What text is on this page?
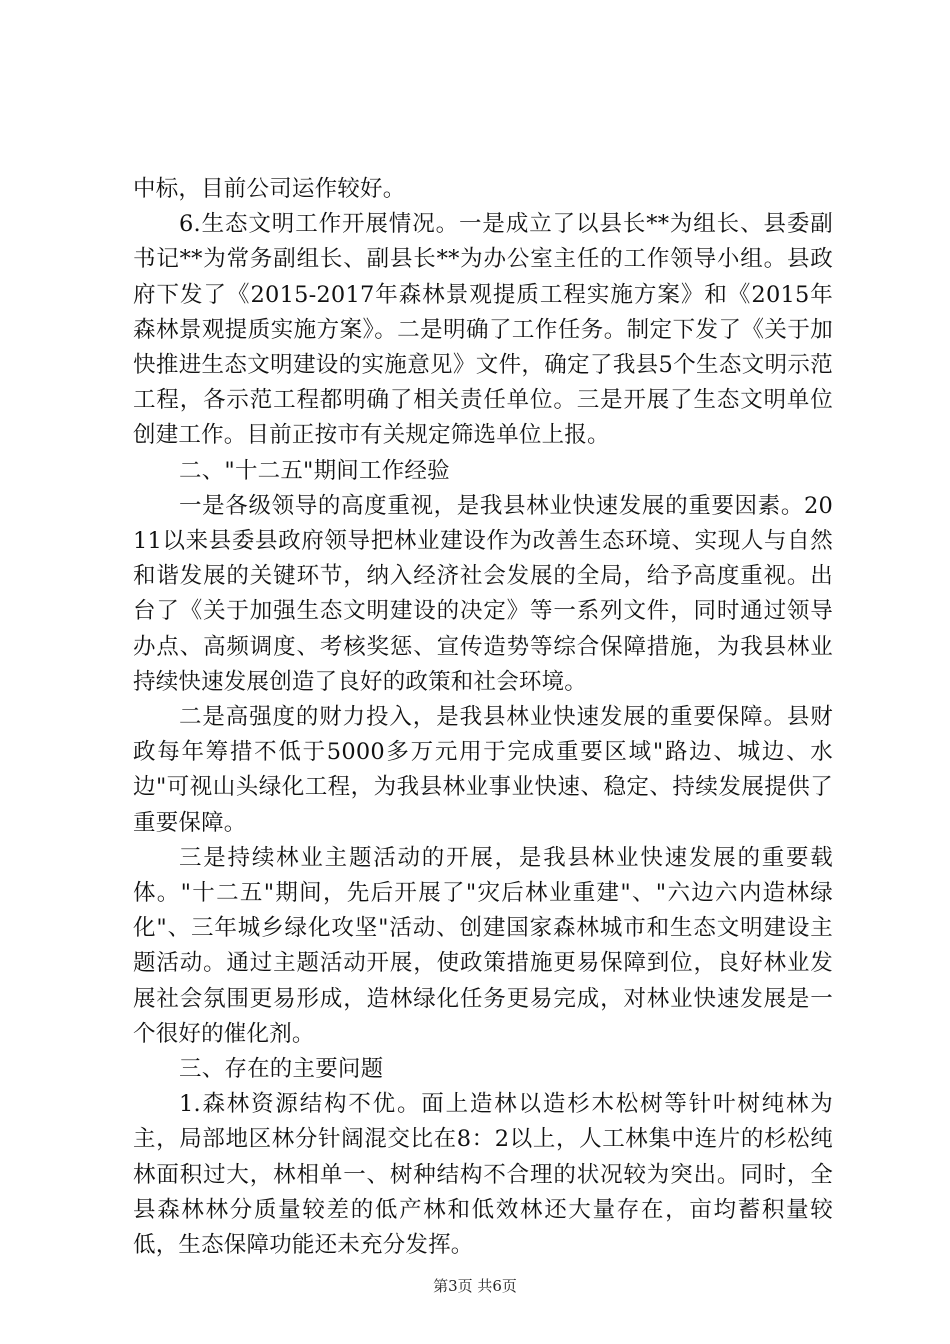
中标，目前公司运作较好。

6.生态文明工作开展情况。一是成立了以县长**为组长、县委副书记**为常务副组长、副县长**为办公室主任的工作领导小组。县政府下发了《2015-2017年森林景观提质工程实施方案》和《2015年森林景观提质实施方案》。二是明确了工作任务。制定下发了《关于加快推进生态文明建设的实施意见》文件，确定了我县5个生态文明示范工程，各示范工程都明确了相关责任单位。三是开展了生态文明单位创建工作。目前正按市有关规定筛选单位上报。

二、"十二五"期间工作经验

一是各级领导的高度重视，是我县林业快速发展的重要因素。2011以来县委县政府领导把林业建设作为改善生态环境、实现人与自然和谐发展的关键环节，纳入经济社会发展的全局，给予高度重视。出台了《关于加强生态文明建设的决定》等一系列文件，同时通过领导办点、高频调度、考核奖惩、宣传造势等综合保障措施，为我县林业持续快速发展创造了良好的政策和社会环境。

二是高强度的财力投入，是我县林业快速发展的重要保障。县财政每年筹措不低于5000多万元用于完成重要区域"路边、城边、水边"可视山头绿化工程，为我县林业事业快速、稳定、持续发展提供了重要保障。

三是持续林业主题活动的开展，是我县林业快速发展的重要载体。"十二五"期间，先后开展了"灾后林业重建"、"六边六内造林绿化"、三年城乡绿化攻坚"活动、创建国家森林城市和生态文明建设主题活动。通过主题活动开展，使政策措施更易保障到位，良好林业发展社会氛围更易形成，造林绿化任务更易完成，对林业快速发展是一个很好的催化剂。

三、存在的主要问题

1.森林资源结构不优。面上造林以造杉木松树等针叶树纯林为主，局部地区林分针阔混交比在8：2以上，人工林集中连片的杉松纯林面积过大，林相单一、树种结构不合理的状况较为突出。同时，全县森林林分质量较差的低产林和低效林还大量存在，亩均蓄积量较低，生态保障功能还未充分发挥。

第3页 共6页
